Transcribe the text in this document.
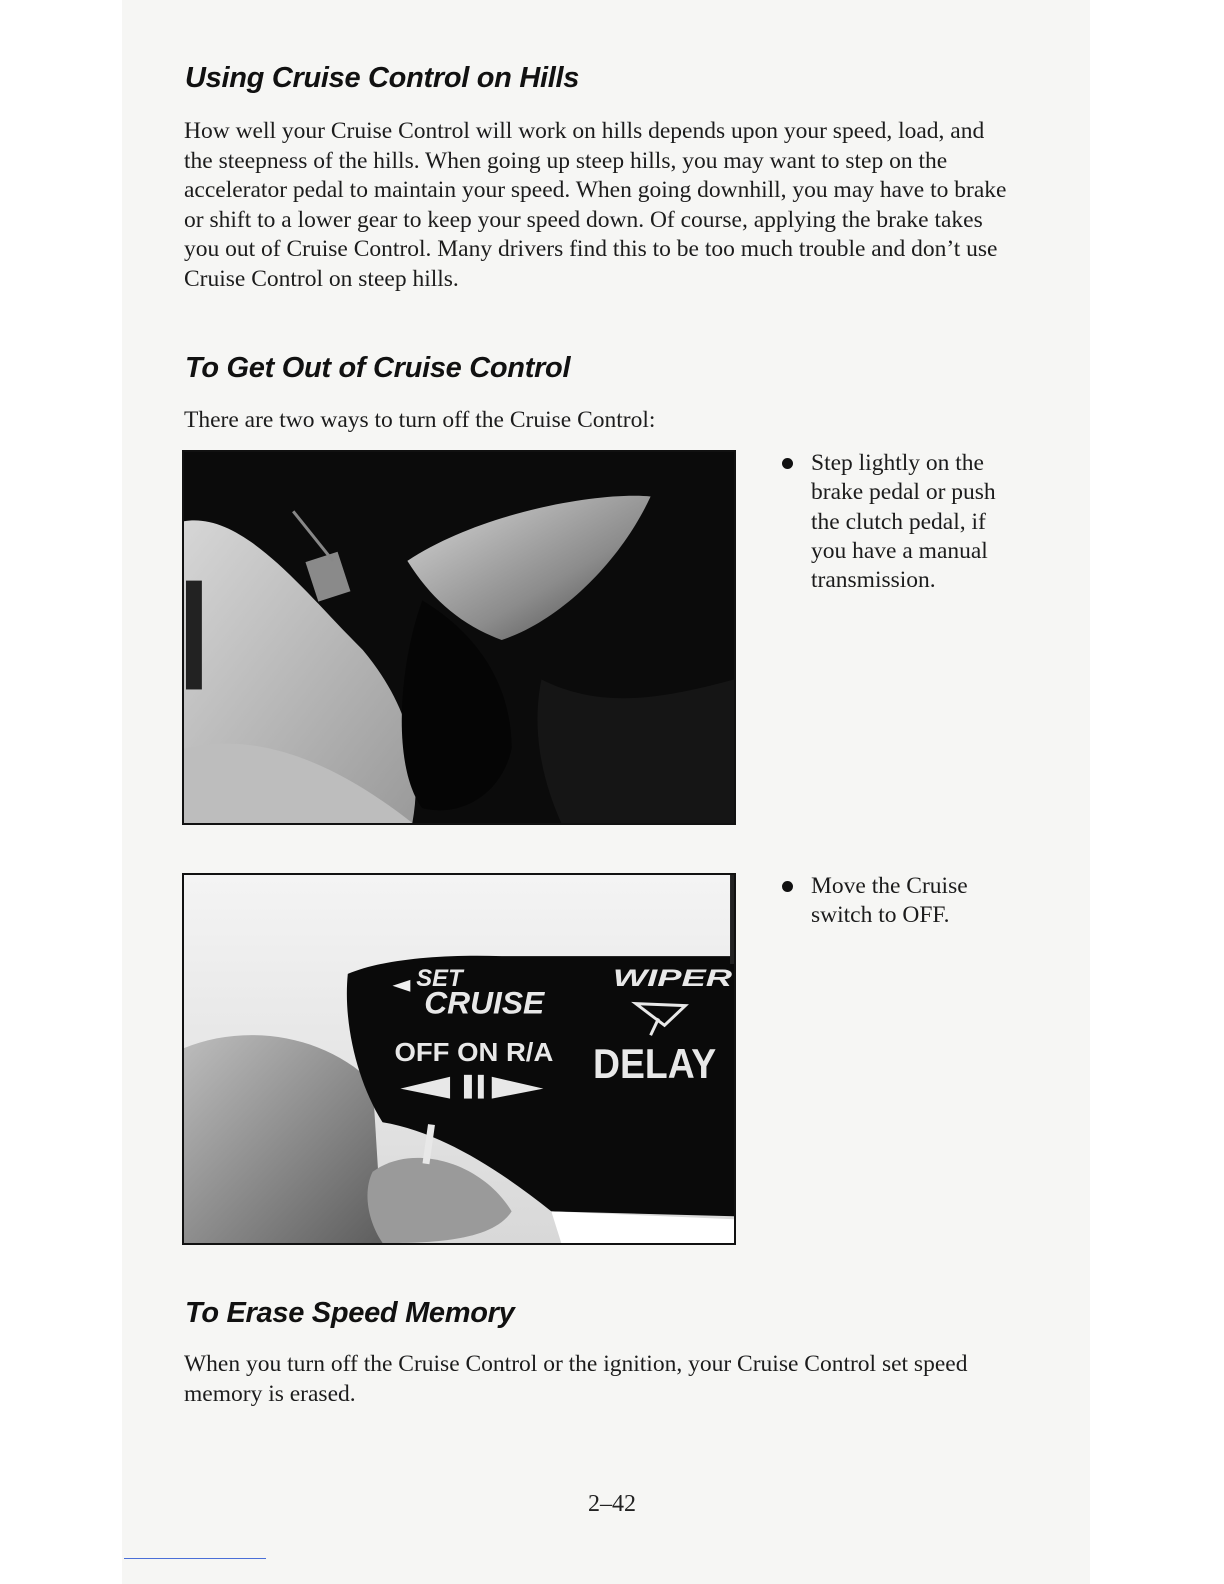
Using Cruise Control on Hills

How well your Cruise Control will work on hills depends upon your speed, load, and the steepness of the hills. When going up steep hills, you may want to step on the accelerator pedal to maintain your speed. When going downhill, you may have to brake or shift to a lower gear to keep your speed down. Of course, applying the brake takes you out of Cruise Control. Many drivers find this to be too much trouble and don’t use Cruise Control on steep hills.

To Get Out of Cruise Control

There are two ways to turn off the Cruise Control:

Step lightly on the brake pedal or push the clutch pedal, if you have a manual transmission.

SET
CRUISE
OFF ON R/A
WIPER
DELAY

Move the Cruise switch to OFF.

To Erase Speed Memory

When you turn off the Cruise Control or the ignition, your Cruise Control set speed memory is erased.

2–42
